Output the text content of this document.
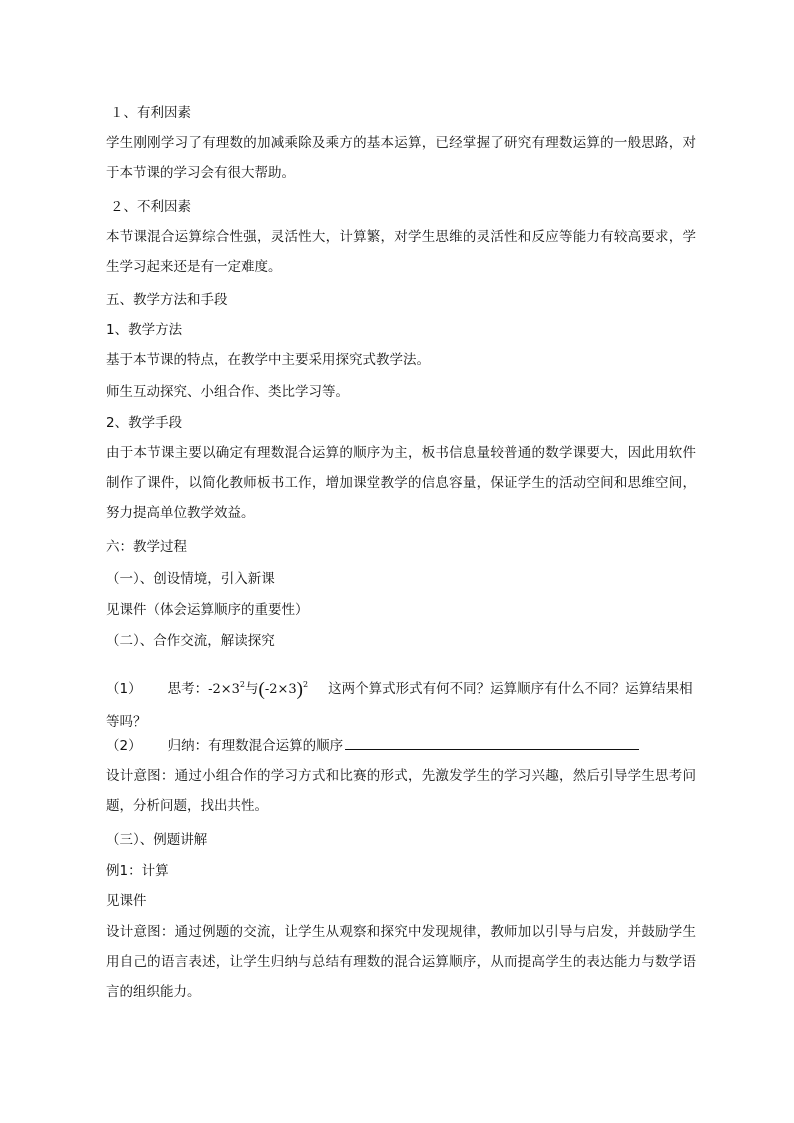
１、有利因素
学生刚刚学习了有理数的加减乘除及乘方的基本运算，已经掌握了研究有理数运算的一般思路，对于本节课的学习会有很大帮助。
２、不利因素
本节课混合运算综合性强，灵活性大，计算繁，对学生思维的灵活性和反应等能力有较高要求，学生学习起来还是有一定难度。
五、教学方法和手段
1、教学方法
基于本节课的特点，在教学中主要采用探究式教学法。
师生互动探究、小组合作、类比学习等。
2、教学手段
由于本节课主要以确定有理数混合运算的顺序为主，板书信息量较普通的数学课要大，因此用软件制作了课件，以简化教师板书工作，增加课堂教学的信息容量，保证学生的活动空间和思维空间，努力提高单位教学效益。
六：教学过程
（一）、创设情境，引入新课
见课件（体会运算顺序的重要性）
（二）、合作交流，解读探究
（1） 思考：$-2\times 3^2$与$(-2\times 3)^2$ 这两个算式形式有何不同？运算顺序有什么不同？运算结果相等吗？
（2） 归纳：有理数混合运算的顺序
设计意图：通过小组合作的学习方式和比赛的形式，先激发学生的学习兴趣，然后引导学生思考问题，分析问题，找出共性。
（三）、例题讲解
例1：计算
见课件
设计意图：通过例题的交流，让学生从观察和探究中发现规律，教师加以引导与启发，并鼓励学生用自己的语言表述，让学生归纳与总结有理数的混合运算顺序，从而提高学生的表达能力与数学语言的组织能力。
